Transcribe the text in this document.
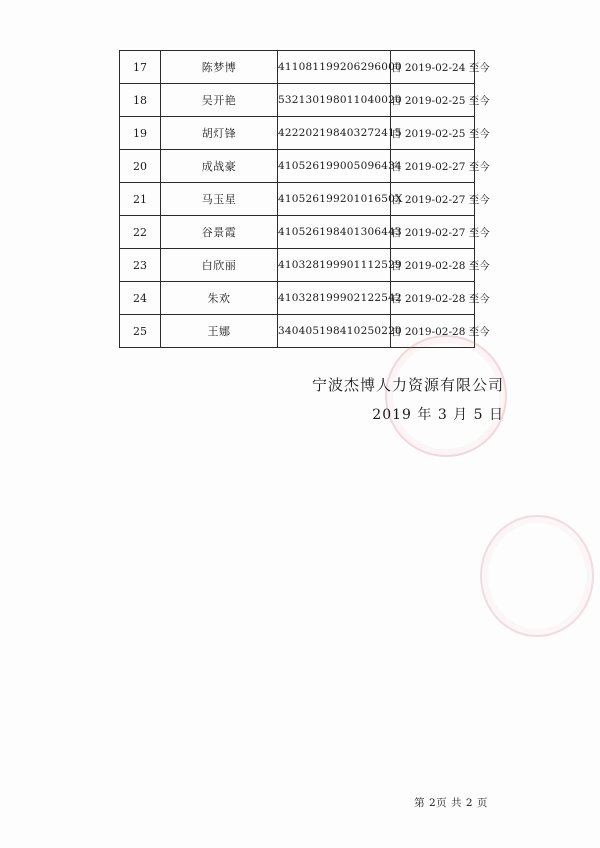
17	陈梦博	411081199206296000	自 2019-02-24 至今
18	吴开艳	532130198011040020	自 2019-02-25 至今
19	胡灯锋	422202198403272415	自 2019-02-25 至今
20	成战豪	410526199005096434	自 2019-02-27 至今
21	马玉星	41052619920101650X	自 2019-02-27 至今
22	谷景霞	410526198401306443	自 2019-02-27 至今
23	白欣丽	410328199901112529	自 2019-02-28 至今
24	朱欢	410328199902122542	自 2019-02-28 至今
25	王娜	340405198410250220	自 2019-02-28 至今
宁波杰博人力资源有限公司
2019 年 3 月 5 日
第 2页 共 2 页
